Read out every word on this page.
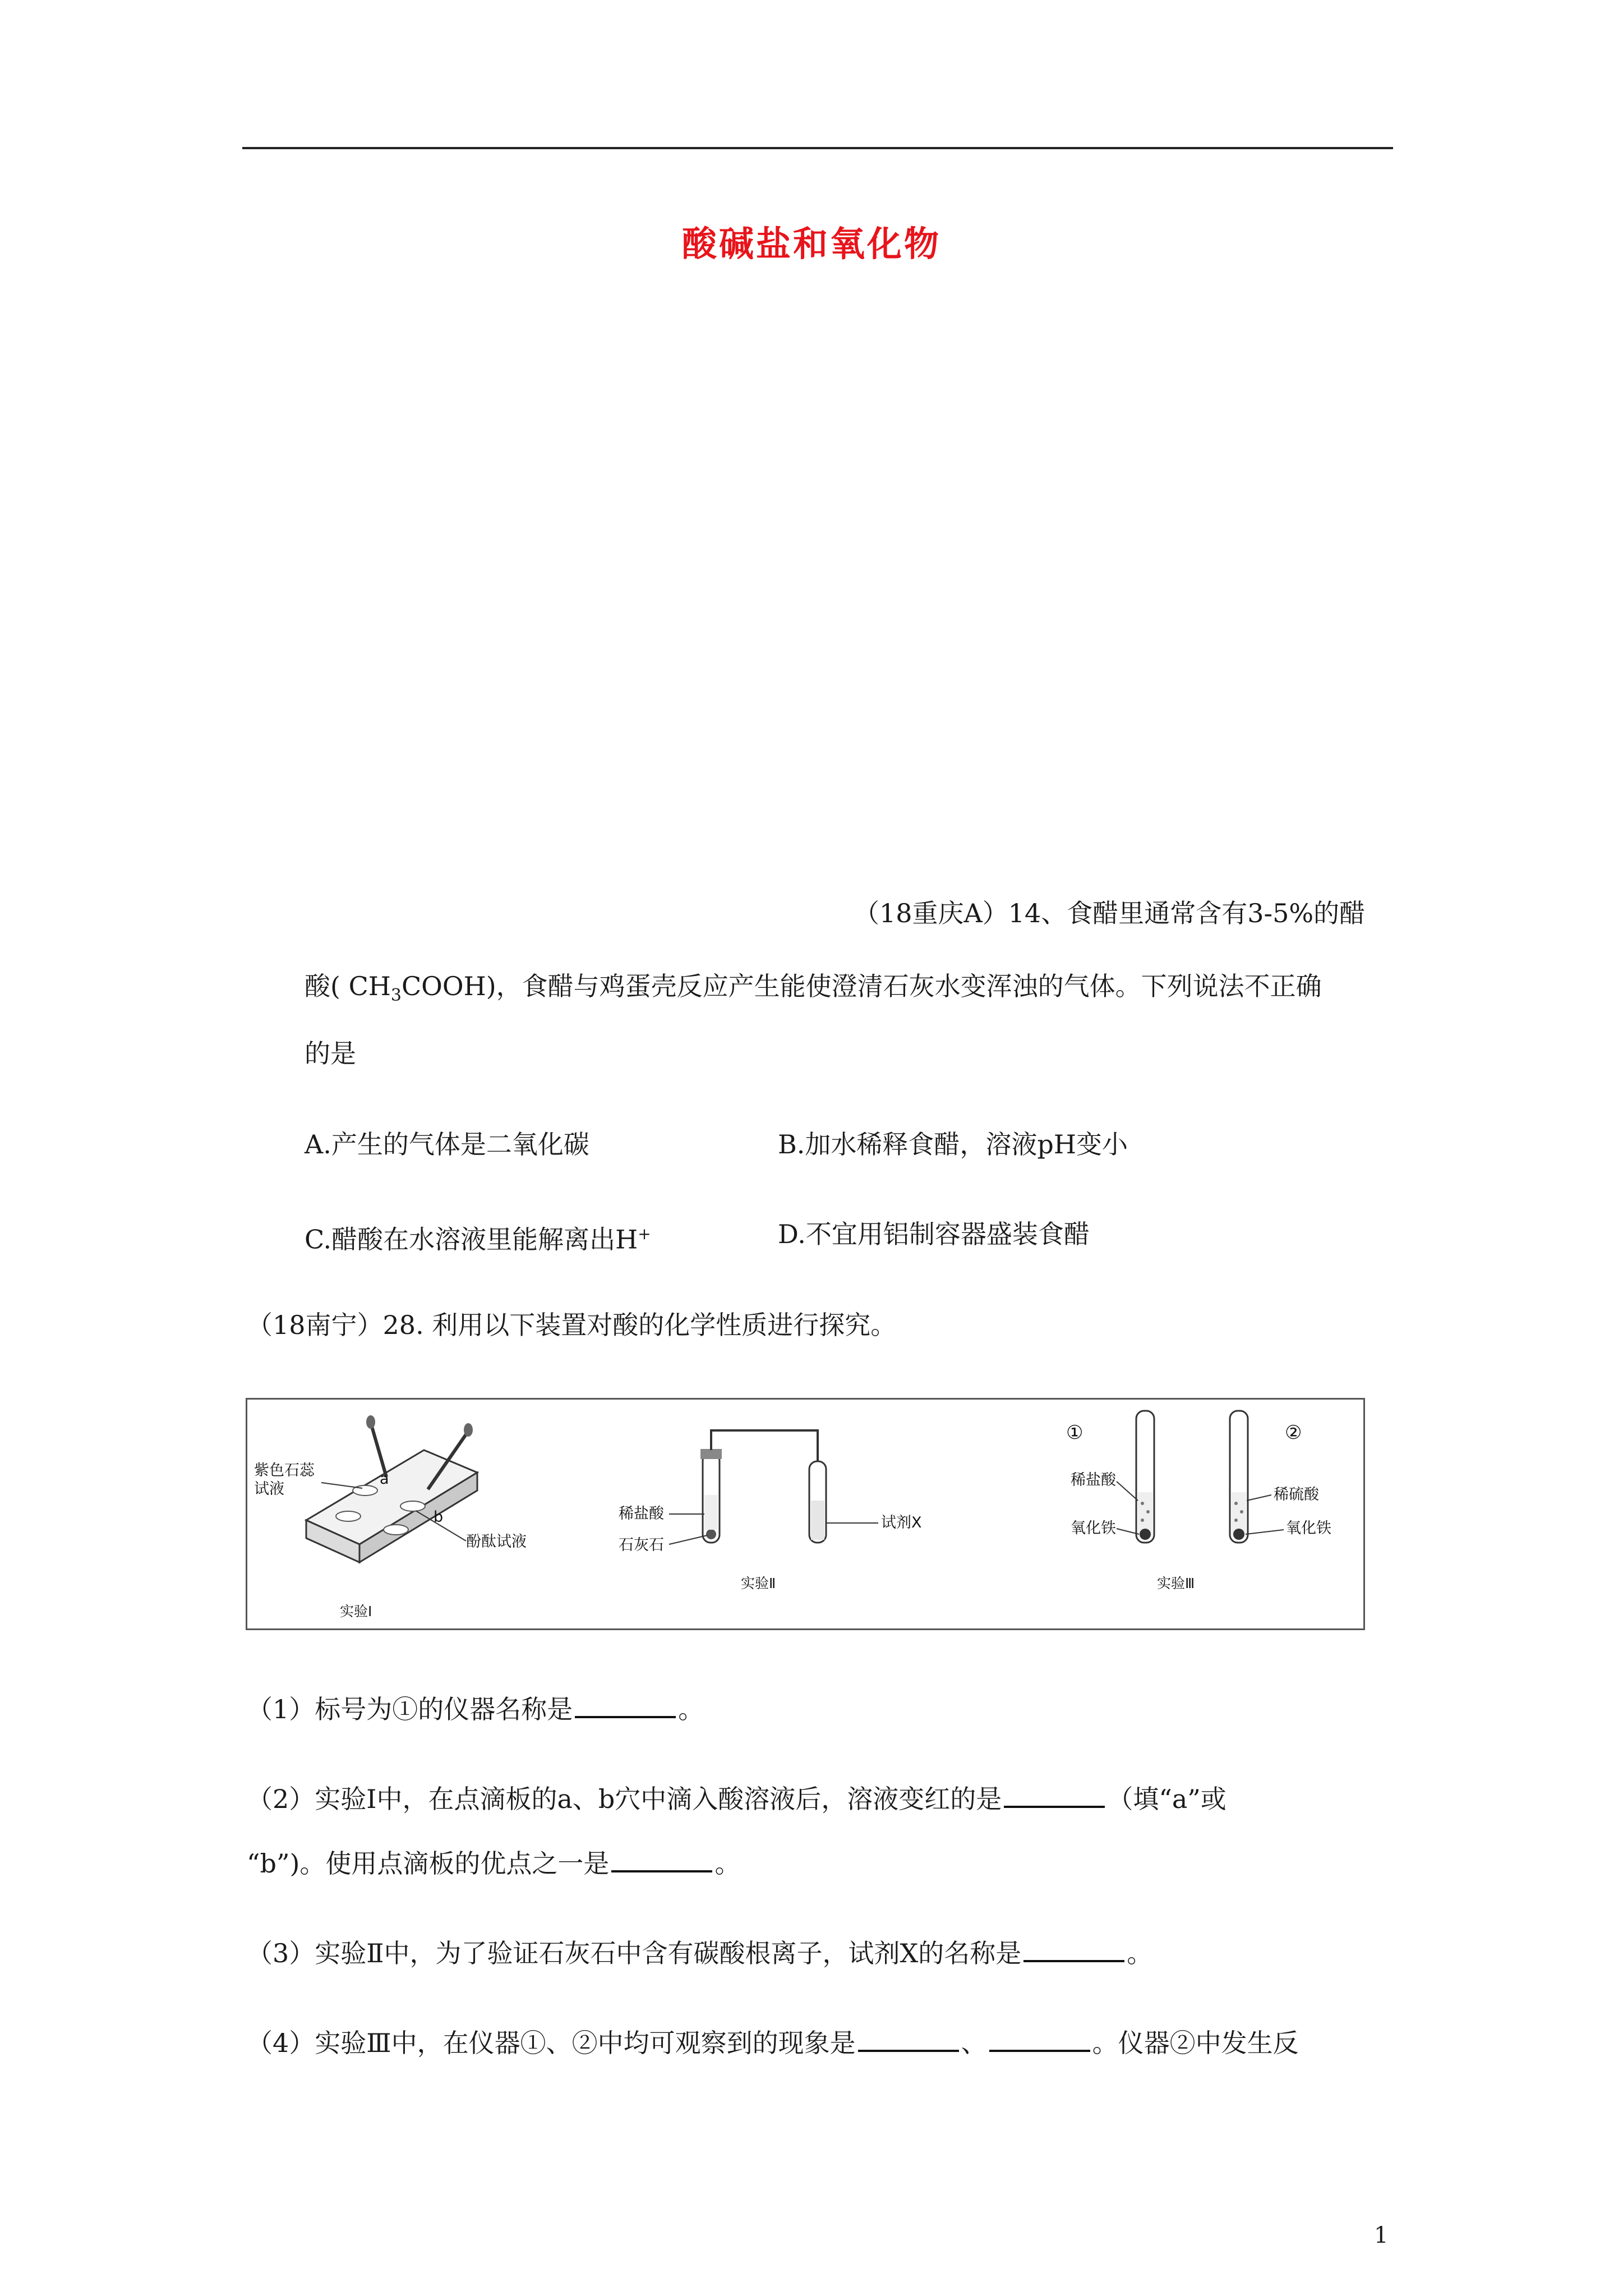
酸碱盐和氧化物
（18重庆A）14、食醋里通常含有3-5%的醋
酸( $CH_3COOH$)，食醋与鸡蛋壳反应产生能使澄清石灰水变浑浊的气体。下列说法不正确
的是
A.产生的气体是二氧化碳	B.加水稀释食醋，溶液pH变小
C.醋酸在水溶液里能解离出H+	D.不宜用铝制容器盛装食醋
（18南宁）28. 利用以下装置对酸的化学性质进行探究。
a
b
紫色石蕊
试液
酚酞试液
实验Ⅰ
稀盐酸
石灰石
试剂X
实验Ⅱ
①	②
稀盐酸
氧化铁
稀硫酸
氧化铁
实验Ⅲ
（1）标号为①的仪器名称是	。
（2）实验Ⅰ中，在点滴板的a、b穴中滴入酸溶液后，溶液变红的是	（填“a”或
“b”)。使用点滴板的优点之一是	。
（3）实验Ⅱ中，为了验证石灰石中含有碳酸根离子，试剂X的名称是	。
（4）实验Ⅲ中，在仪器①、②中均可观察到的现象是	、	。仪器②中发生反
1
